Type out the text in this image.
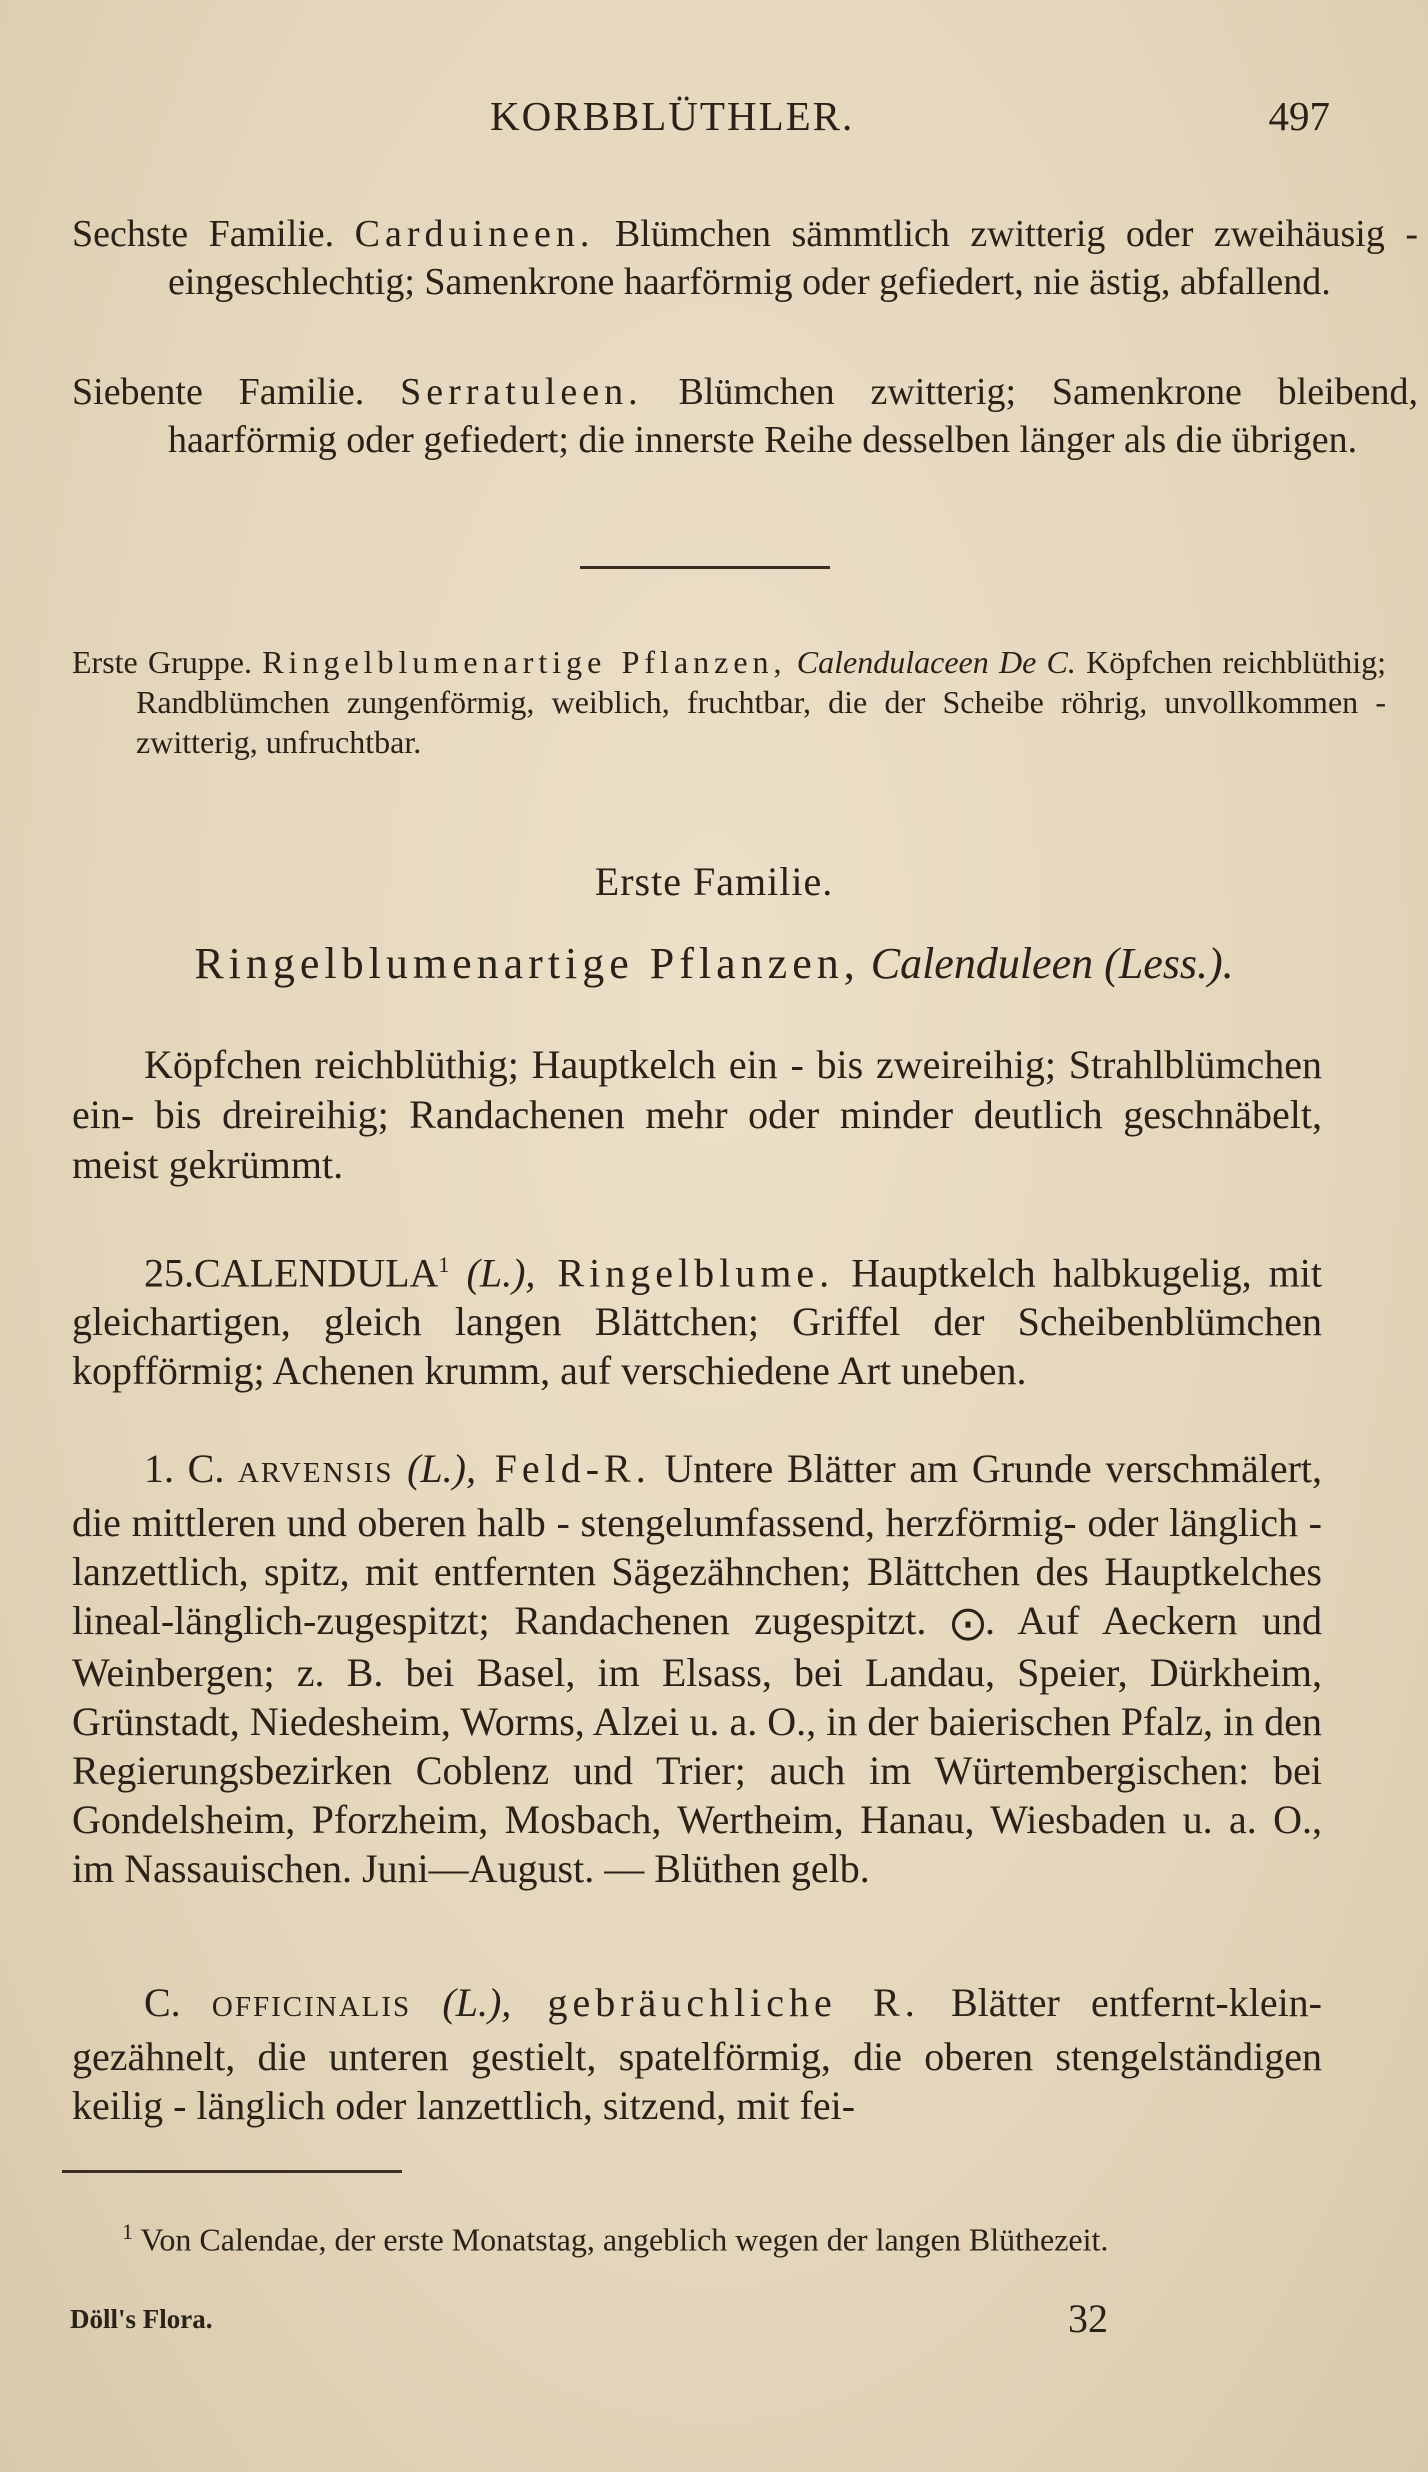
KORBBLÜTHLER.	497
Sechste Familie. Carduineen. Blümchen sämmtlich zwitterig oder zweihäusig - eingeschlechtig; Samenkrone haarförmig oder gefiedert, nie ästig, abfallend.
Siebente Familie. Serratuleen. Blümchen zwitterig; Samenkrone bleibend, haarförmig oder gefiedert; die innerste Reihe desselben länger als die übrigen.
Erste Gruppe. Ringelblumenartige Pflanzen, Calendulaceen De C. Köpfchen reichblüthig; Randblümchen zungenförmig, weiblich, fruchtbar, die der Scheibe röhrig, unvollkommen - zwitterig, unfruchtbar.
Erste Familie.
Ringelblumenartige Pflanzen, Calenduleen (Less.).
Köpfchen reichblüthig; Hauptkelch ein - bis zweireihig; Strahlblümchen ein- bis dreireihig; Randachenen mehr oder minder deutlich geschnäbelt, meist gekrümmt.
25.CALENDULA$^1$ (L.), Ringelblume. Hauptkelch halbkugelig, mit gleichartigen, gleich langen Blättchen; Griffel der Scheibenblümchen kopfförmig; Achenen krumm, auf verschiedene Art uneben.
1. C. ARVENSIS (L.), Feld-R. Untere Blätter am Grunde verschmälert, die mittleren und oberen halb - stengelumfassend, herzförmig- oder länglich - lanzettlich, spitz, mit entfernten Sägezähnchen; Blättchen des Hauptkelches lineal-länglich-zugespitzt; Randachenen zugespitzt. ⨀. Auf Aeckern und Weinbergen; z. B. bei Basel, im Elsass, bei Landau, Speier, Dürkheim, Grünstadt, Niedesheim, Worms, Alzei u. a. O., in der baierischen Pfalz, in den Regierungsbezirken Coblenz und Trier; auch im Würtembergischen: bei Gondelsheim, Pforzheim, Mosbach, Wertheim, Hanau, Wiesbaden u. a. O., im Nassauischen. Juni—August. — Blüthen gelb.
C. OFFICINALIS (L.), gebräuchliche R. Blätter entfernt-klein-gezähnelt, die unteren gestielt, spatelförmig, die oberen stengelständigen keilig - länglich oder lanzettlich, sitzend, mit fei-
$^1$ Von Calendae, der erste Monatstag, angeblich wegen der langen Blüthezeit.
Döll's Flora.	32
